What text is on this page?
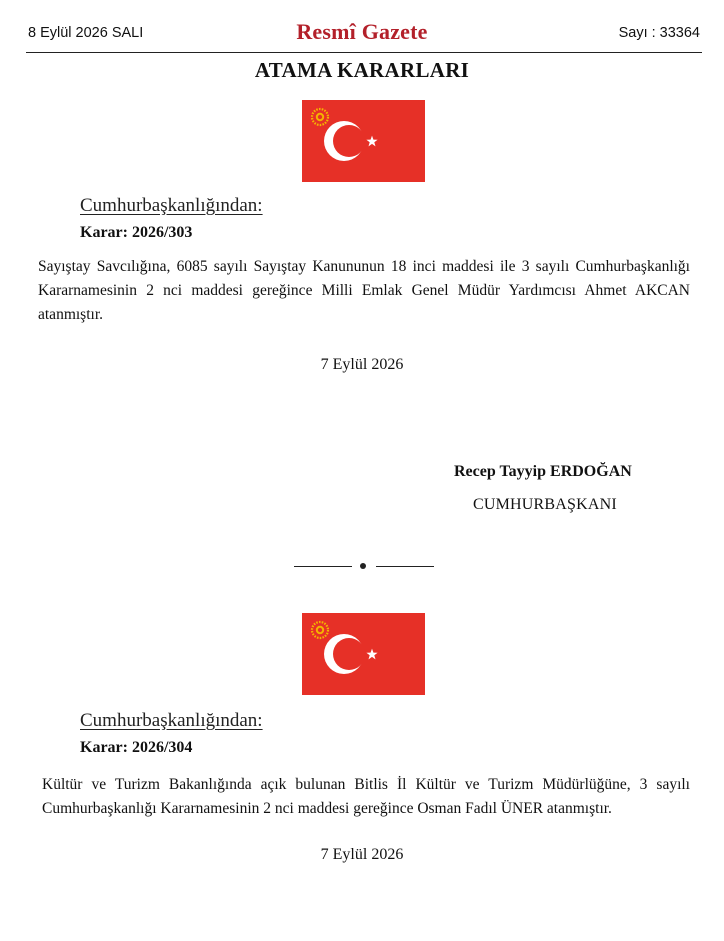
8 Eylül 2026 SALI	Resmî Gazete	Sayı : 33364
ATAMA KARARLARI
Cumhurbaşkanlığından:
Karar: 2026/303
Sayıştay Savcılığına, 6085 sayılı Sayıştay Kanununun 18 inci maddesi ile 3 sayılı Cumhurbaşkanlığı Kararnamesinin 2 nci maddesi gereğince Milli Emlak Genel Müdür Yardımcısı Ahmet AKCAN atanmıştır.
7 Eylül 2026
Recep Tayyip ERDOĞAN
CUMHURBAŞKANI
Cumhurbaşkanlığından:
Karar: 2026/304
Kültür ve Turizm Bakanlığında açık bulunan Bitlis İl Kültür ve Turizm Müdürlüğüne, 3 sayılı Cumhurbaşkanlığı Kararnamesinin 2 nci maddesi gereğince Osman Fadıl ÜNER atanmıştır.
7 Eylül 2026
